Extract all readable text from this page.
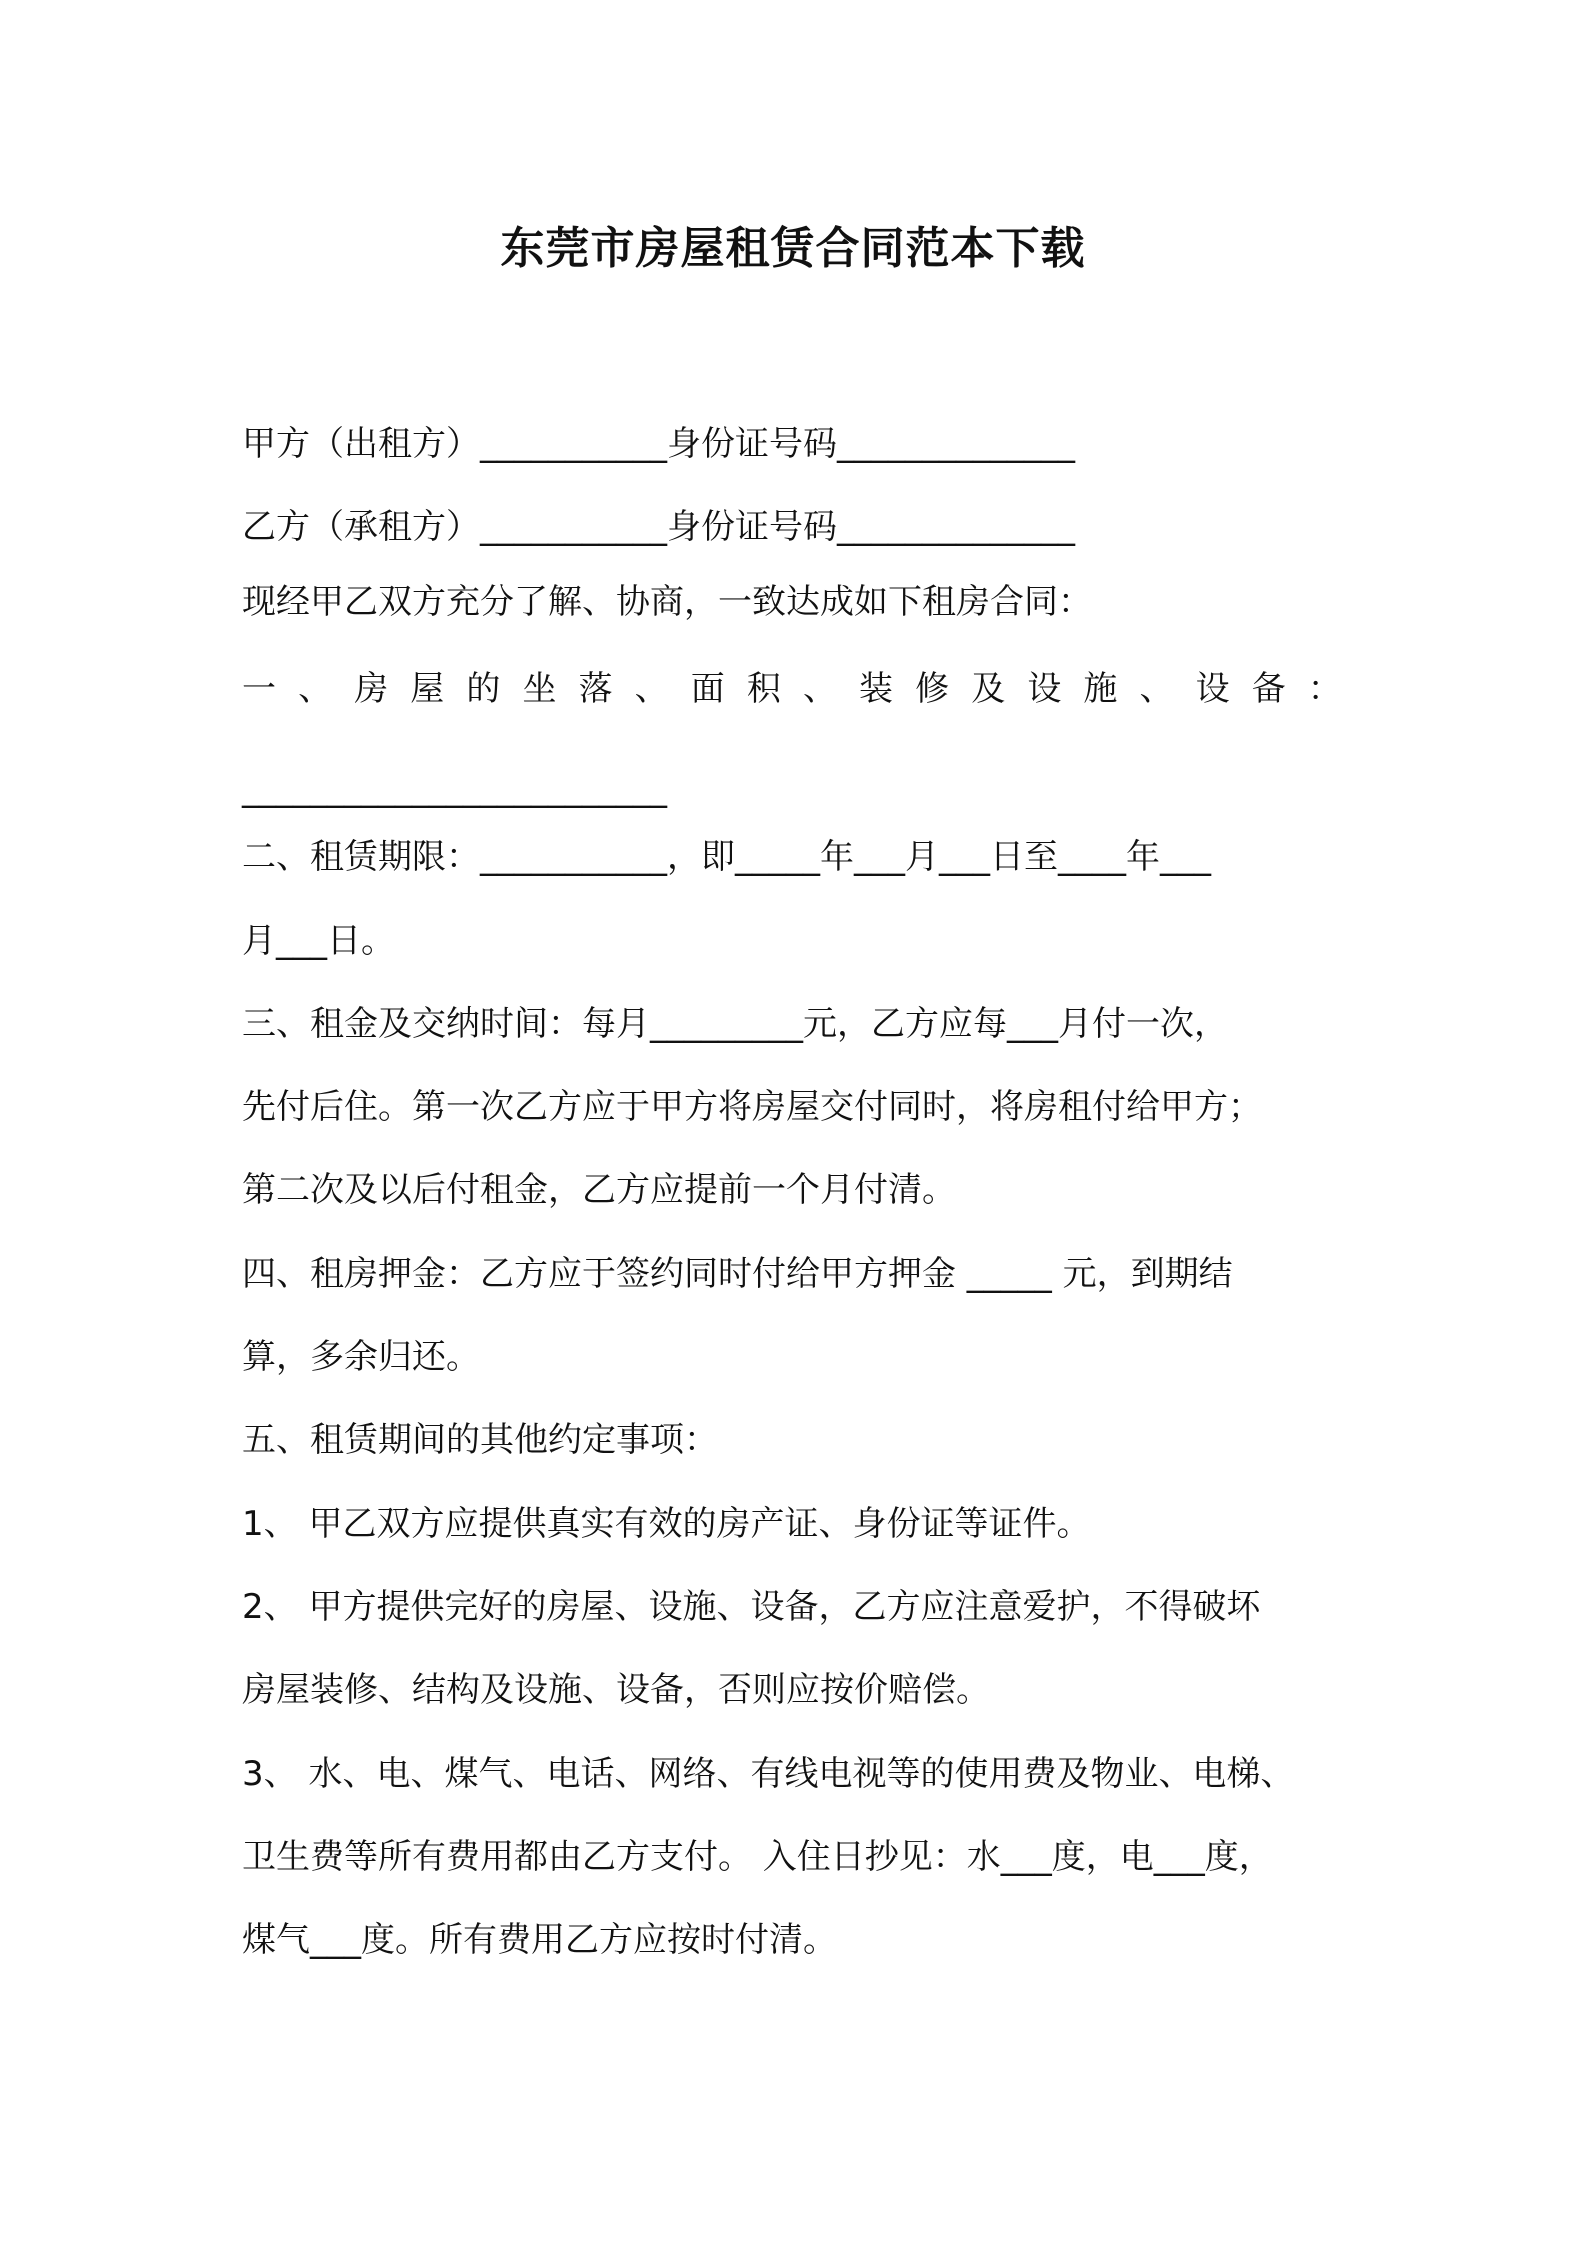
东莞市房屋租赁合同范本下载
甲方（出租方）___________身份证号码______________
乙方（承租方）___________身份证号码______________
现经甲乙双方充分了解、协商，一致达成如下租房合同：
一 、 房 屋 的 坐 落 、 面 积 、 装 修 及 设 施 、 设 备 ：
_________________________
二、租赁期限：___________，即_____年___月___日至____年___
月___日。
三、租金及交纳时间：每月_________元，乙方应每___月付一次，
先付后住。第一次乙方应于甲方将房屋交付同时，将房租付给甲方；
第二次及以后付租金，乙方应提前一个月付清。
四、租房押金：乙方应于签约同时付给甲方押金 _____ 元，到期结
算，多余归还。
五、租赁期间的其他约定事项：
1、 甲乙双方应提供真实有效的房产证、身份证等证件。
2、 甲方提供完好的房屋、设施、设备，乙方应注意爱护，不得破坏
房屋装修、结构及设施、设备，否则应按价赔偿。
3、 水、电、煤气、电话、网络、有线电视等的使用费及物业、电梯、
卫生费等所有费用都由乙方支付。 入住日抄见：水___度，电___度，
煤气___度。所有费用乙方应按时付清。
